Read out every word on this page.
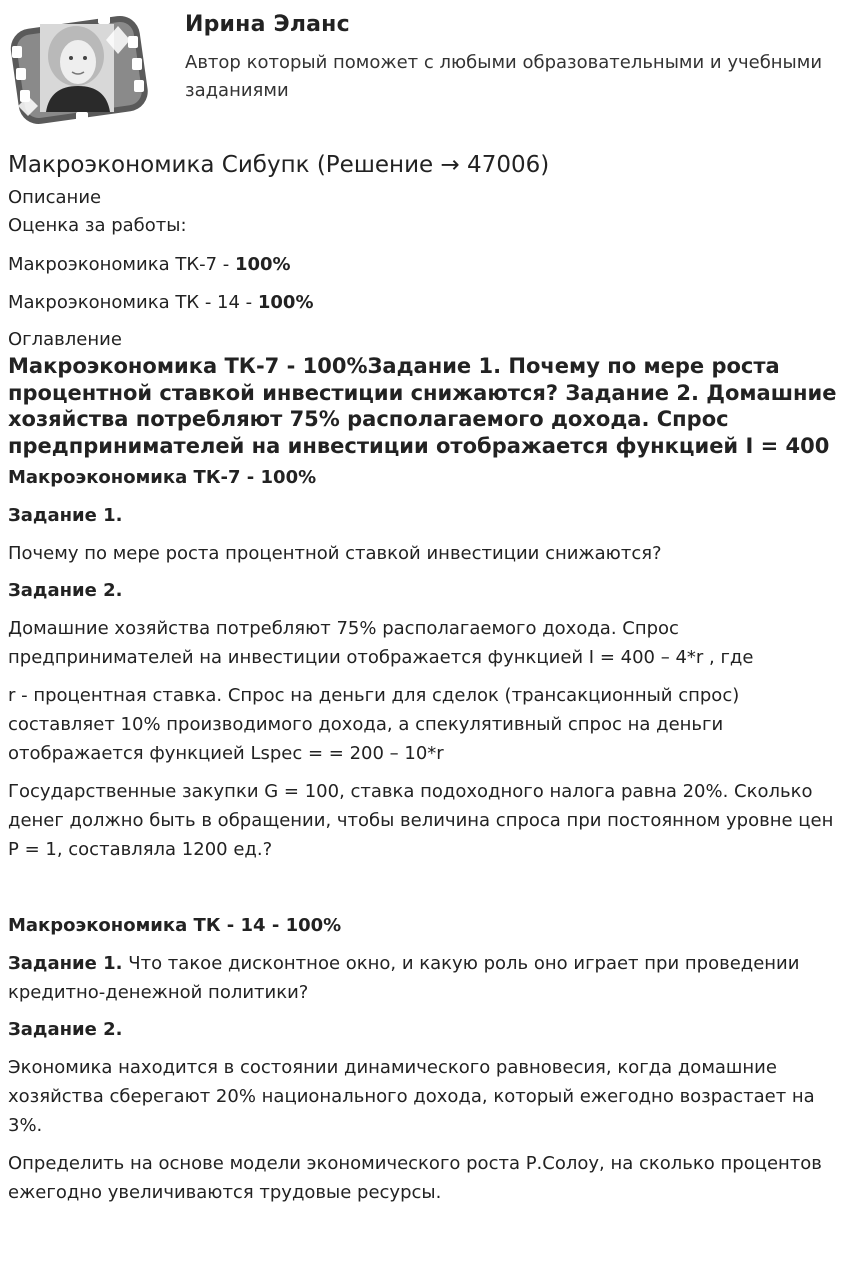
Ирина Эланс

Автор который поможет с любыми образовательными и учебными заданиями

Макроэкономика Сибупк (Решение → 47006)

Описание

Оценка за работы:

Макроэкономика ТК-7 - 100%

Макроэкономика ТК - 14 - 100%

Оглавление

Макроэкономика ТК-7 - 100%Задание 1. Почему по мере роста процентной ставкой инвестиции снижаются? Задание 2. Домашние хозяйства потребляют 75% располагаемого дохода. Спрос предпринимателей на инвестиции отображается функцией I = 400

Макроэкономика ТК-7 - 100%

Задание 1.

Почему по мере роста процентной ставкой инвестиции снижаются?

Задание 2.

Домашние хозяйства потребляют 75% располагаемого дохода. Спрос предпринимателей на инвестиции отображается функцией I = 400 – 4*r , где

r - процентная ставка. Спрос на деньги для сделок (трансакционный спрос) составляет 10% производимого дохода, а спекулятивный спрос на деньги отображается функцией Lspec = = 200 – 10*r

Государственные закупки G = 100, ставка подоходного налога равна 20%. Сколько денег должно быть в обращении, чтобы величина спроса при постоянном уровне цен P = 1, составляла 1200 ед.?

Макроэкономика ТК - 14 - 100%

Задание 1. Что такое дисконтное окно, и какую роль оно играет при проведении кредитно-денежной политики?

Задание 2.

Экономика находится в состоянии динамического равновесия, когда домашние хозяйства сберегают 20% национального дохода, который ежегодно возрастает на 3%.

Определить на основе модели экономического роста Р.Солоу, на сколько процентов ежегодно увеличиваются трудовые ресурсы.
